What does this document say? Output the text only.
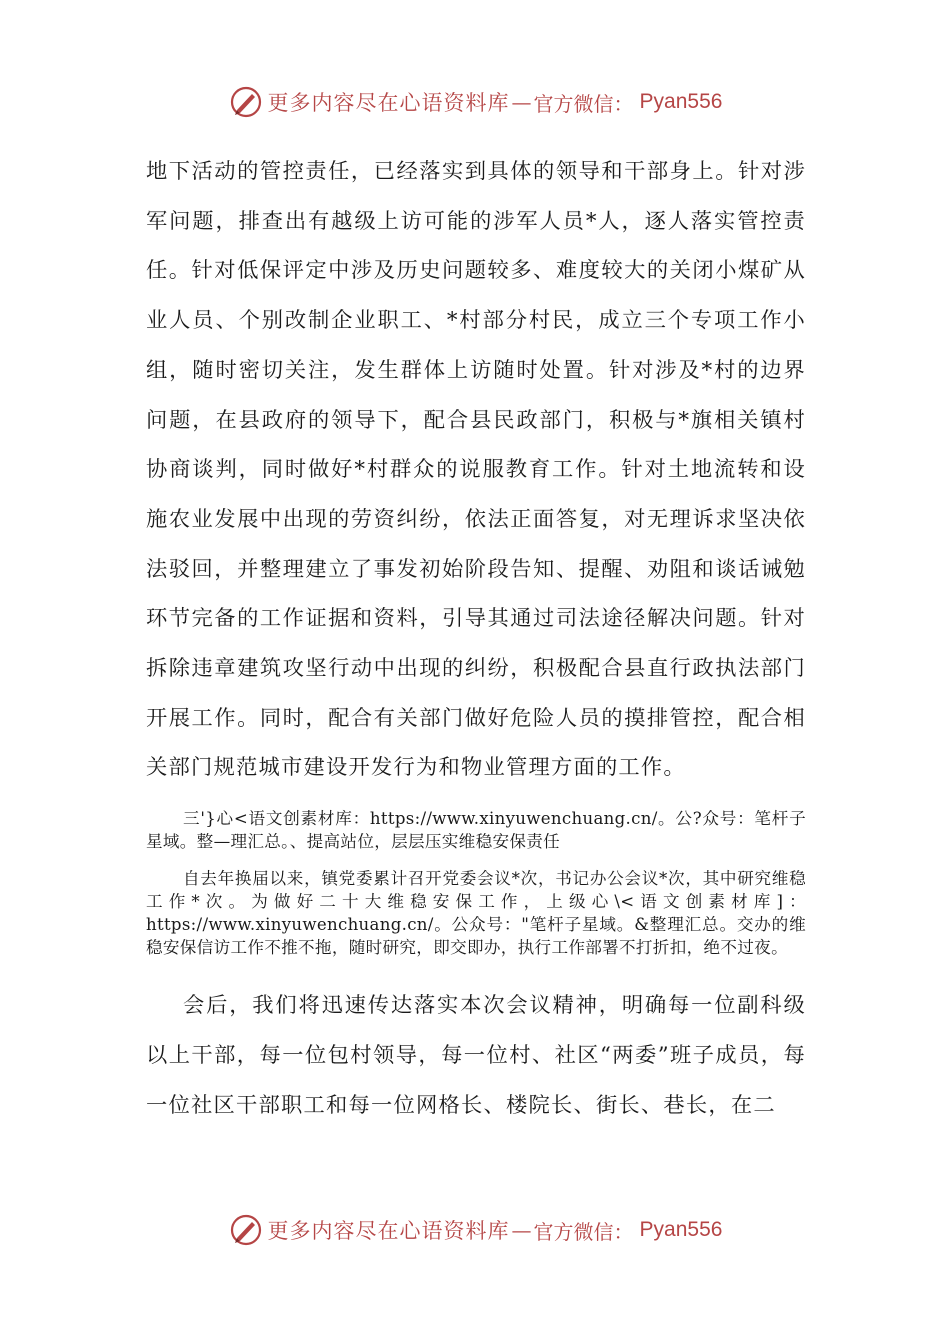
更多内容尽在心语资料库 — 官方微信： Pyan556

地下活动的管控责任，已经落实到具体的领导和干部身上。针对涉军问题，排查出有越级上访可能的涉军人员*人，逐人落实管控责任。针对低保评定中涉及历史问题较多、难度较大的关闭小煤矿从业人员、个别改制企业职工、*村部分村民，成立三个专项工作小组，随时密切关注，发生群体上访随时处置。针对涉及*村的边界问题，在县政府的领导下，配合县民政部门，积极与*旗相关镇村协商谈判，同时做好*村群众的说服教育工作。针对土地流转和设施农业发展中出现的劳资纠纷，依法正面答复，对无理诉求坚决依法驳回，并整理建立了事发初始阶段告知、提醒、劝阻和谈话诫勉环节完备的工作证据和资料，引导其通过司法途径解决问题。针对拆除违章建筑攻坚行动中出现的纠纷，积极配合县直行政执法部门开展工作。同时，配合有关部门做好危险人员的摸排管控，配合相关部门规范城市建设开发行为和物业管理方面的工作。

三'}心<语文创素材库：https://www.xinyuwenchuang.cn/。公?众号：笔杆子星域。整—理汇总。、提高站位，层层压实维稳安保责任

自去年换届以来，镇党委累计召开党委会议*次，书记办公会议*次，其中研究维稳工作*次。为做好二十大维稳安保工作，上级心\<语文创素材库]：https://www.xinyuwenchuang.cn/。公众号："笔杆子星域。&整理汇总。交办的维稳安保信访工作不推不拖，随时研究，即交即办，执行工作部署不打折扣，绝不过夜。

会后，我们将迅速传达落实本次会议精神，明确每一位副科级以上干部，每一位包村领导，每一位村、社区“两委”班子成员，每一位社区干部职工和每一位网格长、楼院长、街长、巷长，在二

更多内容尽在心语资料库 — 官方微信： Pyan556
